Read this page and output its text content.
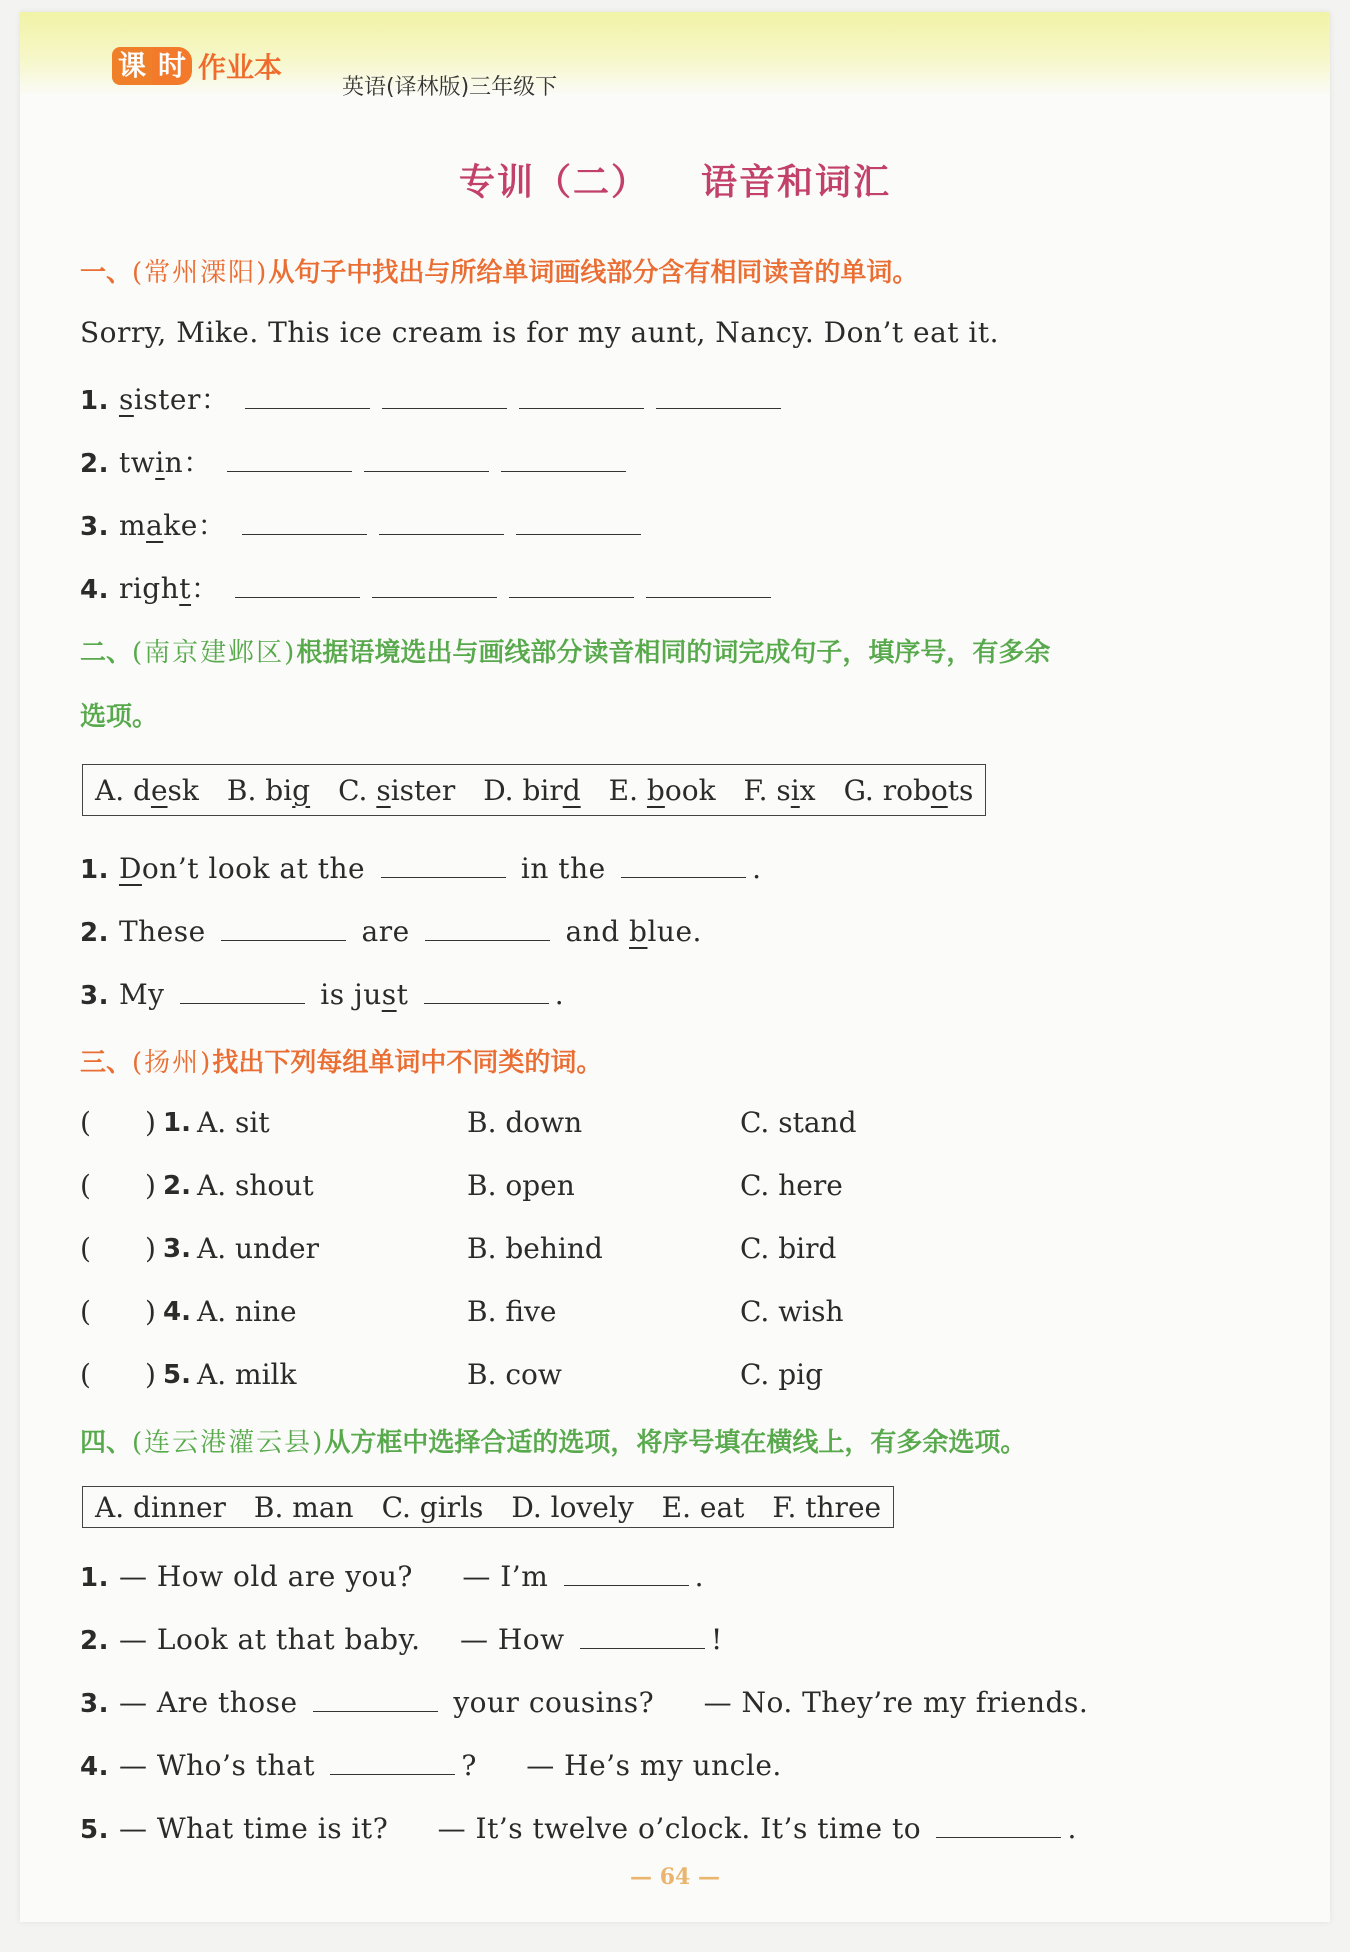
课 时 作业本
英语(译林版)三年级下
专训（二） 语音和词汇
一、(常州溧阳)从句子中找出与所给单词画线部分含有相同读音的单词。
Sorry, Mike. This ice cream is for my aunt, Nancy. Don’t eat it.
1. sister：
2. twin：
3. make：
4. right：
二、(南京建邺区)根据语境选出与画线部分读音相同的词完成句子，填序号，有多余
选项。
A. desk B. big C. sister D. bird E. book F. six G. robots
1. Don’t look at the	in the	.
2. These	are	and blue.
3. My	is just	.
三、(扬州)找出下列每组单词中不同类的词。
( ) 1. A. sit	B. down	C. stand
( ) 2. A. shout	B. open	C. here
( ) 3. A. under	B. behind	C. bird
( ) 4. A. nine	B. five	C. wish
( ) 5. A. milk	B. cow	C. pig
四、(连云港灌云县)从方框中选择合适的选项，将序号填在横线上，有多余选项。
A. dinner B. man C. girls D. lovely E. eat F. three
1. — How old are you? — I’m	.
2. — Look at that baby. — How	!
3. — Are those	your cousins? — No. They’re my friends.
4. — Who’s that	? — He’s my uncle.
5. — What time is it? — It’s twelve o’clock. It’s time to	.
— 64 —
